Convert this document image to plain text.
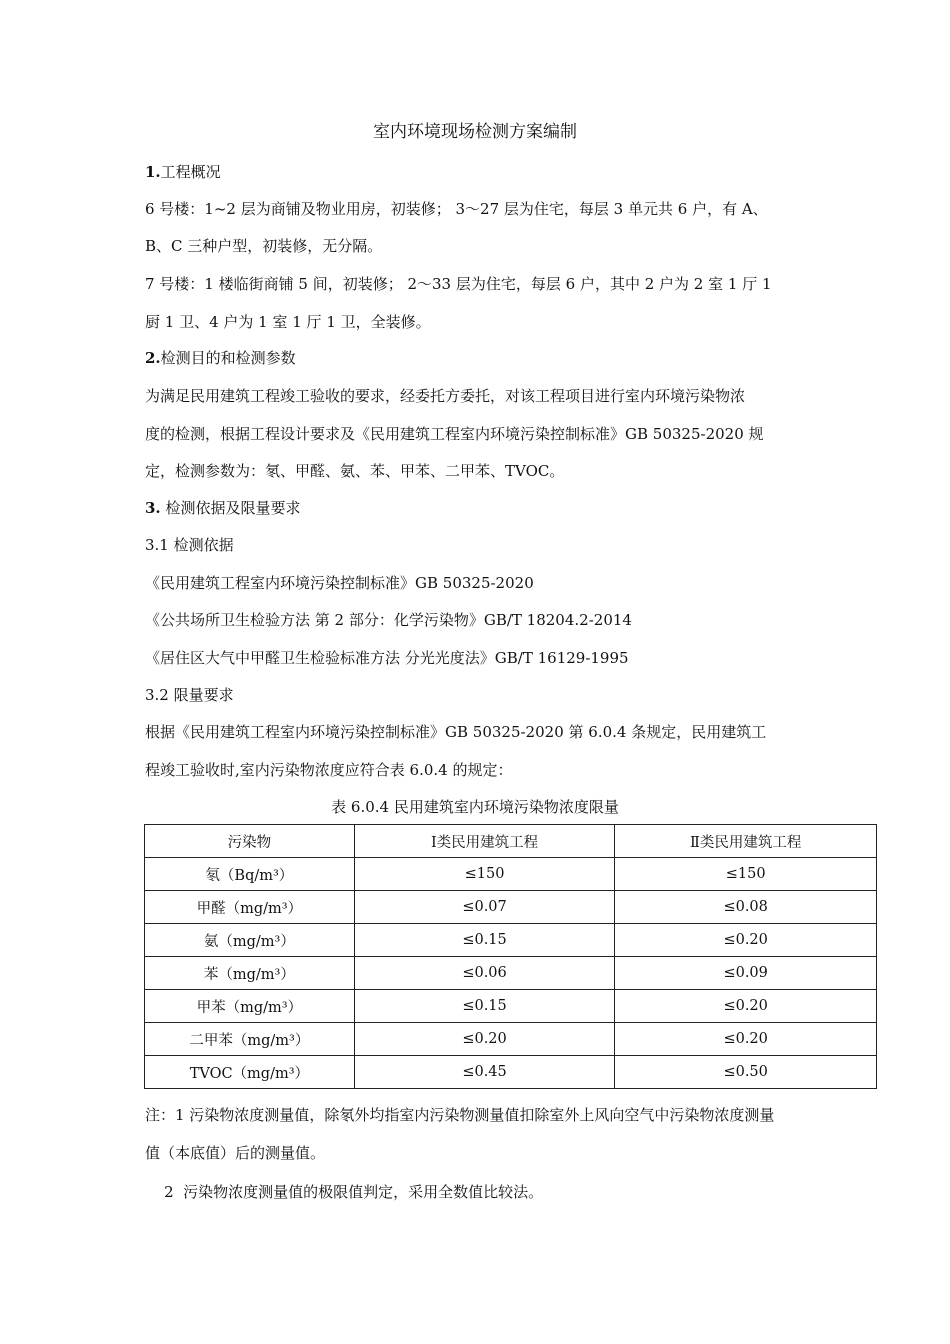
室内环境现场检测方案编制
1.工程概况
6 号楼：1~2 层为商铺及物业用房，初装修； 3～27 层为住宅，每层 3 单元共 6 户，有 A、
B、C 三种户型，初装修，无分隔。
7 号楼：1 楼临街商铺 5 间，初装修； 2～33 层为住宅，每层 6 户，其中 2 户为 2 室 1 厅 1
厨 1 卫、4 户为 1 室 1 厅 1 卫，全装修。
2.检测目的和检测参数
为满足民用建筑工程竣工验收的要求，经委托方委托，对该工程项目进行室内环境污染物浓
度的检测，根据工程设计要求及《民用建筑工程室内环境污染控制标准》GB 50325-2020 规
定，检测参数为：氡、甲醛、氨、苯、甲苯、二甲苯、TVOC。
3. 检测依据及限量要求
3.1 检测依据
《民用建筑工程室内环境污染控制标准》GB 50325-2020
《公共场所卫生检验方法 第 2 部分：化学污染物》GB/T 18204.2-2014
《居住区大气中甲醛卫生检验标准方法 分光光度法》GB/T 16129-1995
3.2 限量要求
根据《民用建筑工程室内环境污染控制标准》GB 50325-2020 第 6.0.4 条规定，民用建筑工
程竣工验收时,室内污染物浓度应符合表 6.0.4 的规定：
表 6.0.4 民用建筑室内环境污染物浓度限量
污染物	Ⅰ类民用建筑工程	Ⅱ类民用建筑工程
氡（Bq/m³）	≤150	≤150
甲醛（mg/m³）	≤0.07	≤0.08
氨（mg/m³）	≤0.15	≤0.20
苯（mg/m³）	≤0.06	≤0.09
甲苯（mg/m³）	≤0.15	≤0.20
二甲苯（mg/m³）	≤0.20	≤0.20
TVOC（mg/m³）	≤0.45	≤0.50
注：1 污染物浓度测量值，除氡外均指室内污染物测量值扣除室外上风向空气中污染物浓度测量
值（本底值）后的测量值。
2  污染物浓度测量值的极限值判定，采用全数值比较法。
